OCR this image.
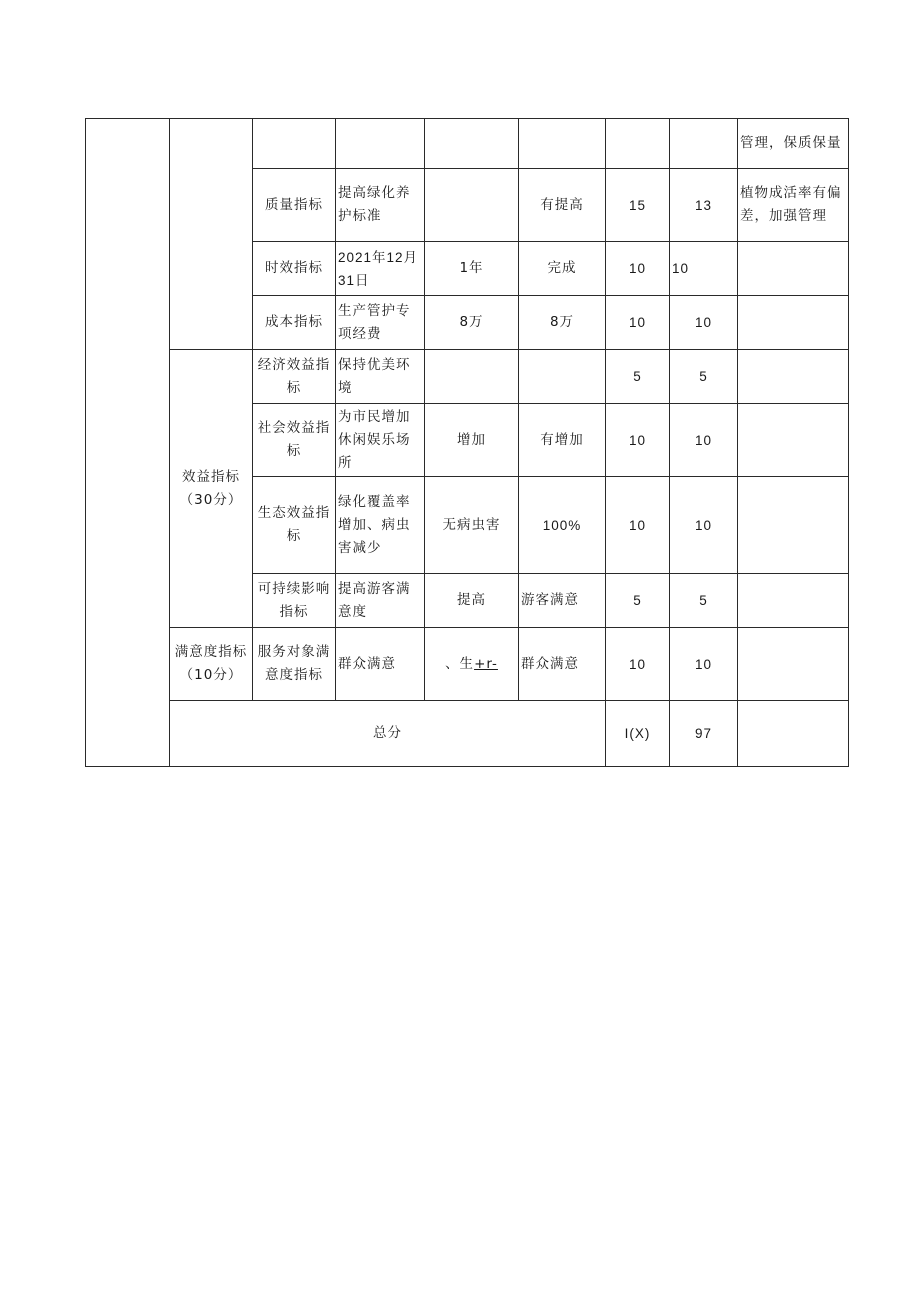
								管理，保质保量
		质量指标	提高绿化养护标准		有提高	15	13	植物成活率有偏差，加强管理
		时效指标	2021年12月31日	1年	完成	10	10	
		成本指标	生产管护专项经费	8万	8万	10	10	
	效益指标（30分）	经济效益指标	保持优美环境			5	5	
		社会效益指标	为市民增加休闲娱乐场所	增加	有增加	10	10	
		生态效益指标	绿化覆盖率增加、病虫害减少	无病虫害	100%	10	10	
		可持续影响指标	提高游客满意度	提高	游客满意	5	5	
	满意度指标（10分）	服务对象满意度指标	群众满意	、生+r-	群众满意	10	10	
	总分					I(X)	97	
